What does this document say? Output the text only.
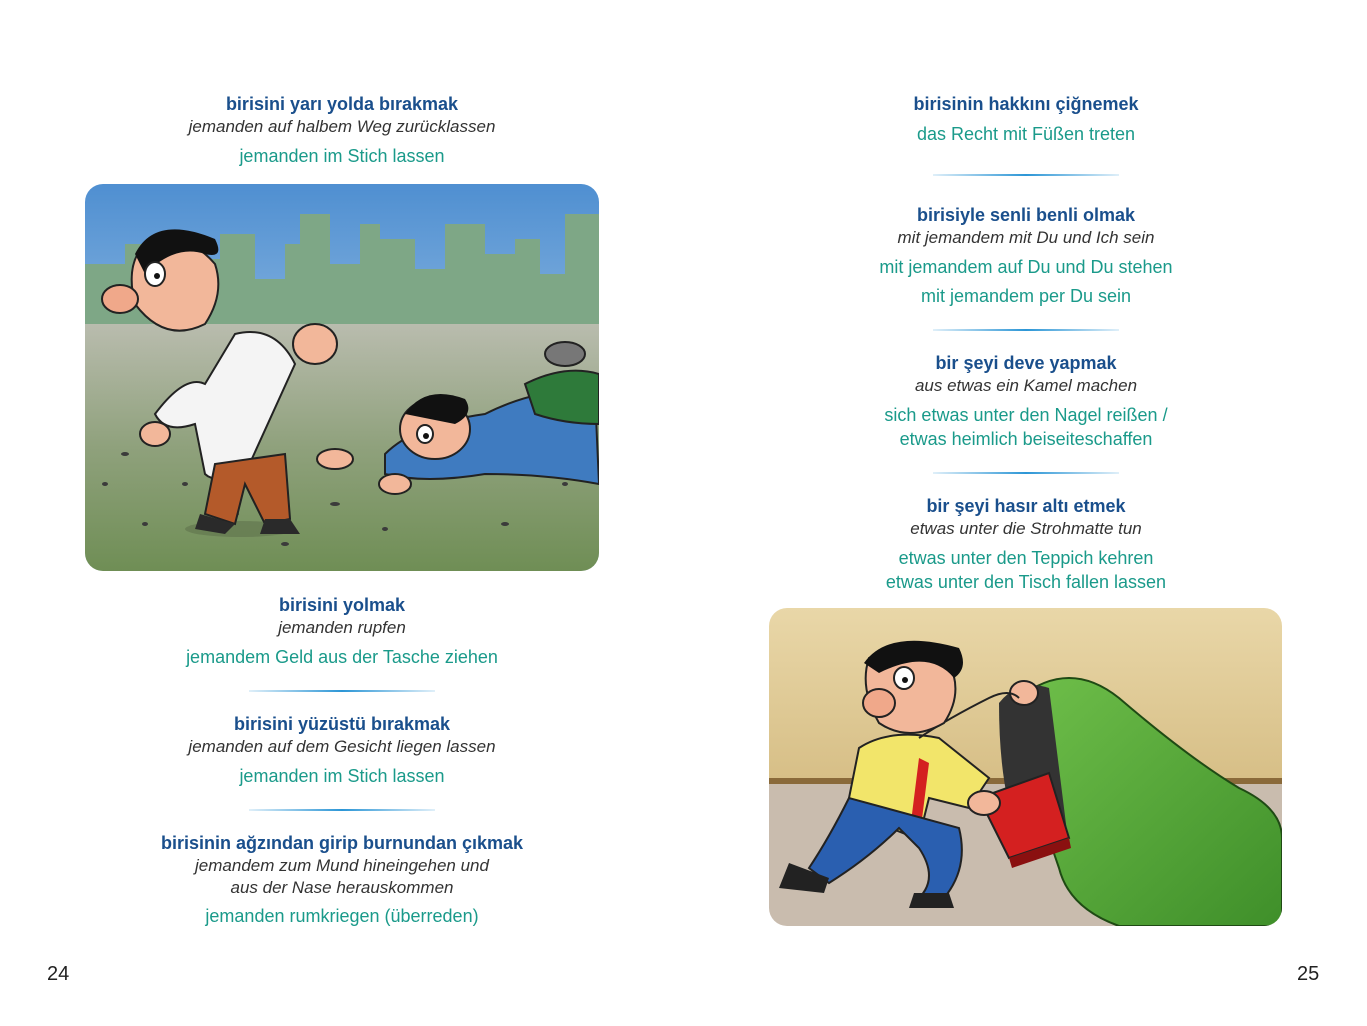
birisini yarı yolda bırakmak
jemanden auf halbem Weg zurücklassen
jemanden im Stich lassen
birisini yolmak
jemanden rupfen
jemandem Geld aus der Tasche ziehen
birisini yüzüstü bırakmak
jemanden auf dem Gesicht liegen lassen
jemanden im Stich lassen
birisinin ağzından girip burnundan çıkmak
jemandem zum Mund hineingehen und
aus der Nase herauskommen
jemanden rumkriegen (überreden)
24
birisinin hakkını çiğnemek
das Recht mit Füßen treten
birisiyle senli benli olmak
mit jemandem mit Du und Ich sein
mit jemandem auf Du und Du stehen
mit jemandem per Du sein
bir şeyi deve yapmak
aus etwas ein Kamel machen
sich etwas unter den Nagel reißen /
etwas heimlich beiseiteschaffen
bir şeyi hasır altı etmek
etwas unter die Strohmatte tun
etwas unter den Teppich kehren
etwas unter den Tisch fallen lassen
25
